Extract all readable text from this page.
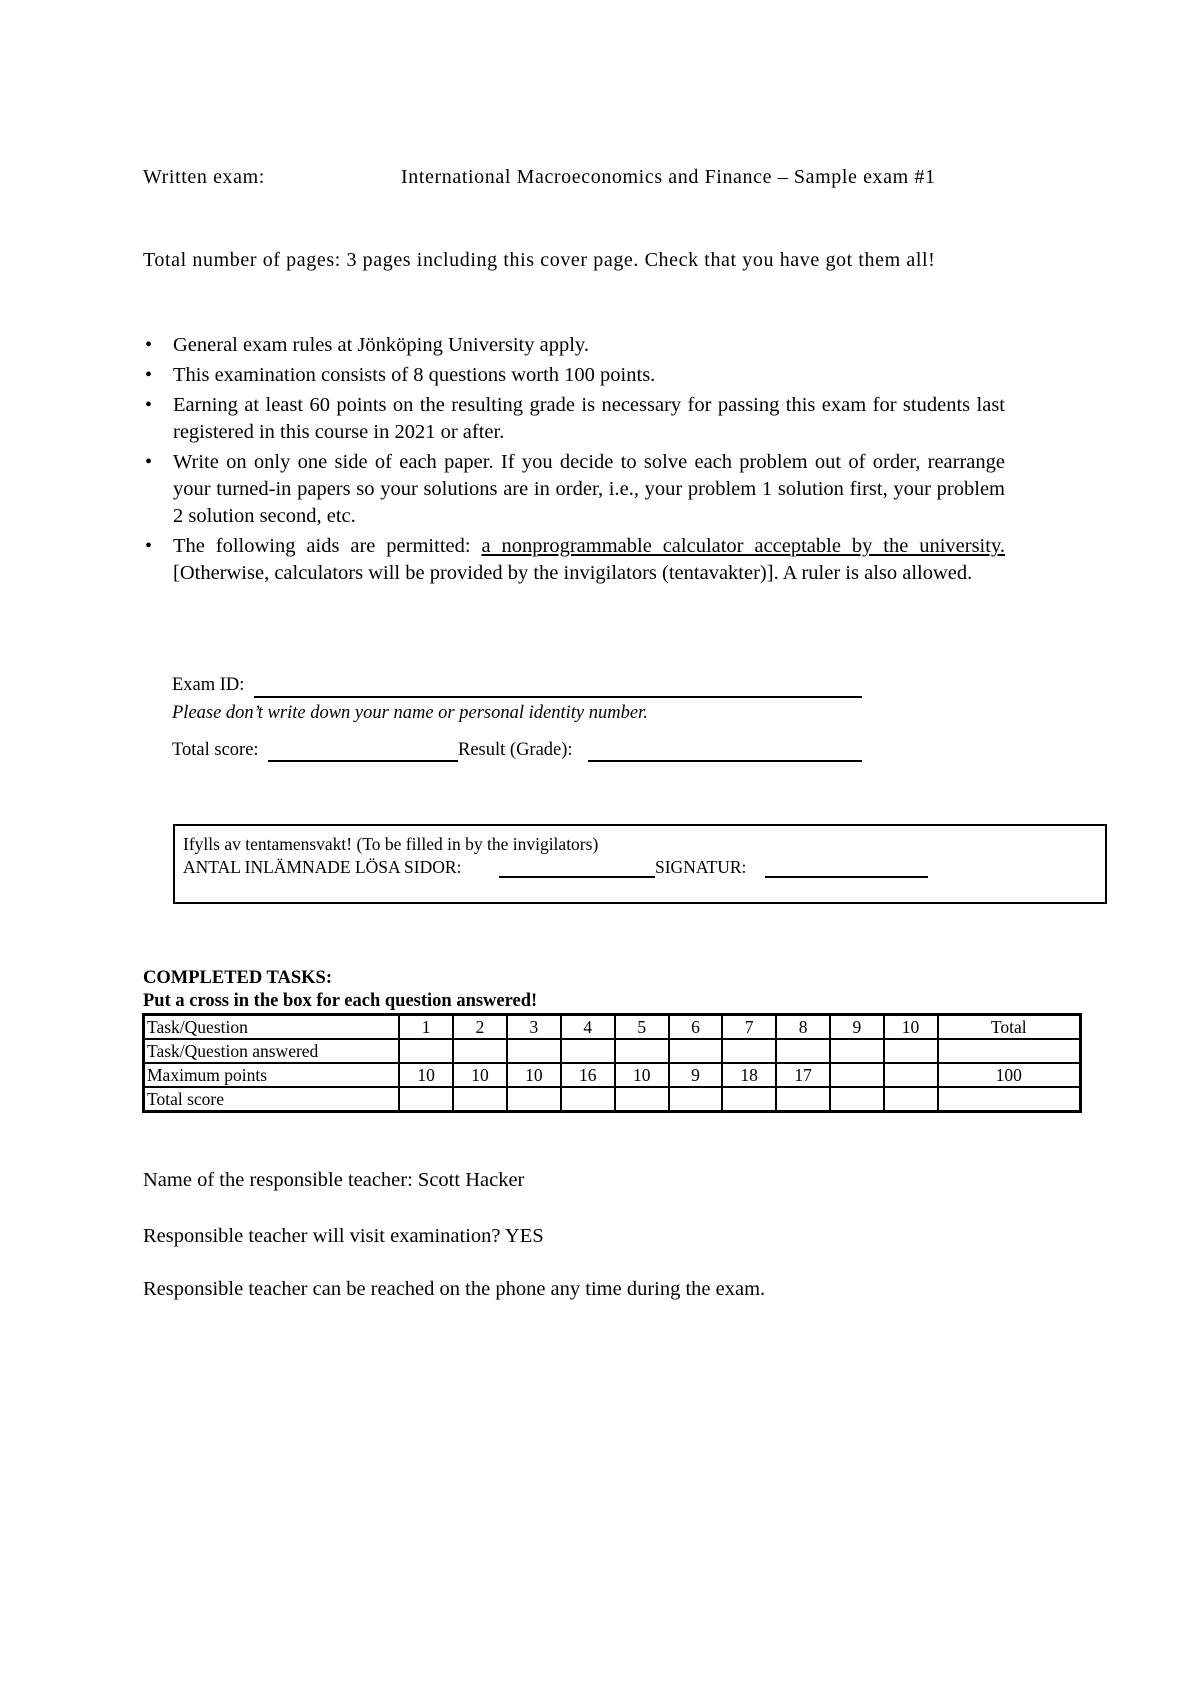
Written exam:	International Macroeconomics and Finance – Sample exam #1
Total number of pages: 3 pages including this cover page. Check that you have got them all!
• General exam rules at Jönköping University apply.
• This examination consists of 8 questions worth 100 points.
• Earning at least 60 points on the resulting grade is necessary for passing this exam for students last registered in this course in 2021 or after.
• Write on only one side of each paper. If you decide to solve each problem out of order, rearrange your turned-in papers so your solutions are in order, i.e., your problem 1 solution first, your problem 2 solution second, etc.
• The following aids are permitted: a nonprogrammable calculator acceptable by the university. [Otherwise, calculators will be provided by the invigilators (tentavakter)]. A ruler is also allowed.
Exam ID:
Please don’t write down your name or personal identity number.
Total score:	Result (Grade):
Ifylls av tentamensvakt! (To be filled in by the invigilators)
ANTAL INLÄMNADE LÖSA SIDOR:	SIGNATUR:
COMPLETED TASKS:
Put a cross in the box for each question answered!
Task/Question	1	2	3	4	5	6	7	8	9	10	Total
Task/Question answered											
Maximum points	10	10	10	16	10	9	18	17			100
Total score											
Name of the responsible teacher: Scott Hacker
Responsible teacher will visit examination? YES
Responsible teacher can be reached on the phone any time during the exam.
